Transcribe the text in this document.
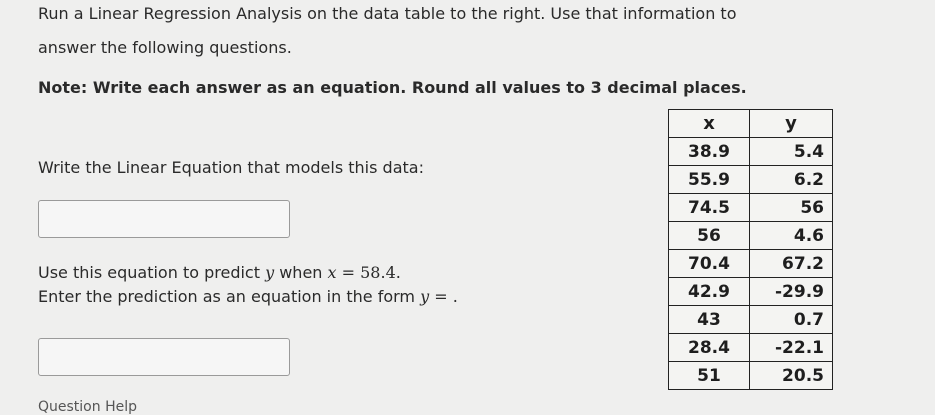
Run a Linear Regression Analysis on the data table to the right. Use that information to
answer the following questions.
Note: Write each answer as an equation. Round all values to 3 decimal places.
Write the Linear Equation that models this data:
Use this equation to predict y when x = 58.4.
Enter the prediction as an equation in the form y = .
x	y
38.9	5.4
55.9	6.2
74.5	56
56	4.6
70.4	67.2
42.9	-29.9
43	0.7
28.4	-22.1
51	20.5
Question Help
